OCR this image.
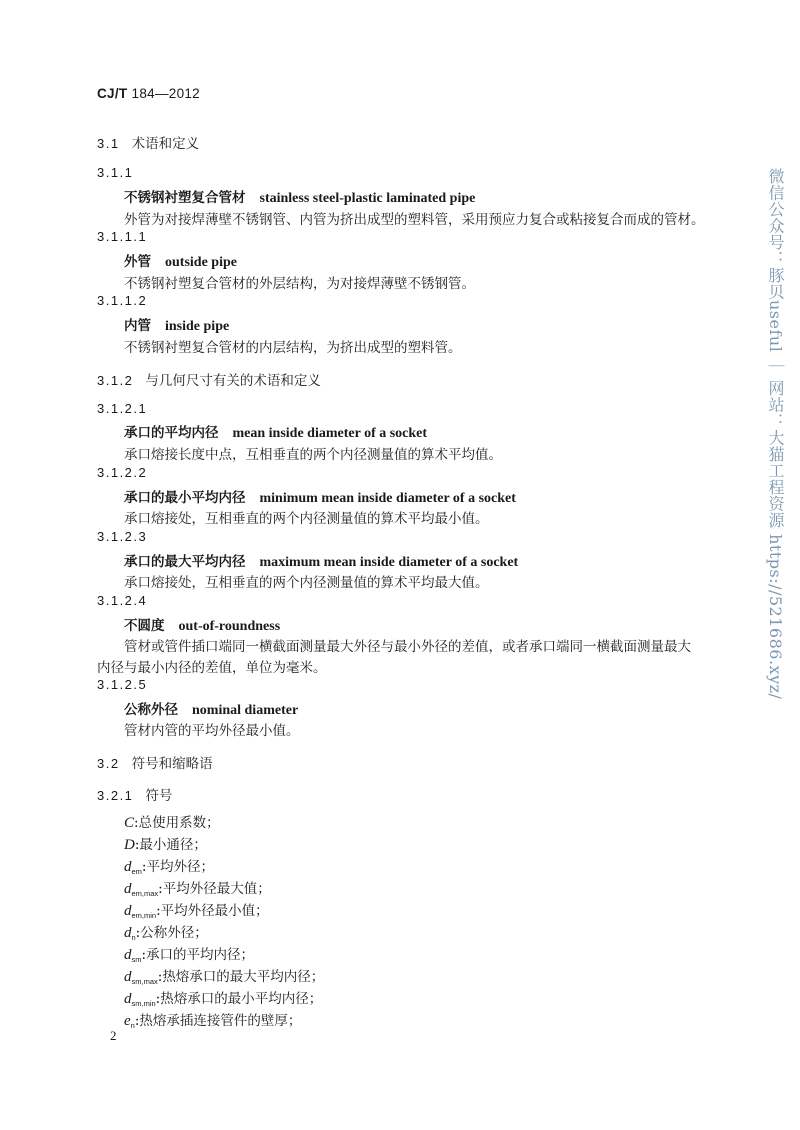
CJ/T 184—2012
3.1 术语和定义
3.1.1
不锈钢衬塑复合管材 stainless steel-plastic laminated pipe
外管为对接焊薄壁不锈钢管、内管为挤出成型的塑料管，采用预应力复合或粘接复合而成的管材。
3.1.1.1
外管 outside pipe
不锈钢衬塑复合管材的外层结构，为对接焊薄壁不锈钢管。
3.1.1.2
内管 inside pipe
不锈钢衬塑复合管材的内层结构，为挤出成型的塑料管。
3.1.2 与几何尺寸有关的术语和定义
3.1.2.1
承口的平均内径 mean inside diameter of a socket
承口熔接长度中点，互相垂直的两个内径测量值的算术平均值。
3.1.2.2
承口的最小平均内径 minimum mean inside diameter of a socket
承口熔接处，互相垂直的两个内径测量值的算术平均最小值。
3.1.2.3
承口的最大平均内径 maximum mean inside diameter of a socket
承口熔接处，互相垂直的两个内径测量值的算术平均最大值。
3.1.2.4
不圆度 out-of-roundness
管材或管件插口端同一横截面测量最大外径与最小外径的差值，或者承口端同一横截面测量最大
内径与最小内径的差值，单位为毫米。
3.1.2.5
公称外径 nominal diameter
管材内管的平均外径最小值。
3.2 符号和缩略语
3.2.1 符号
C:总使用系数；
D:最小通径；
$d_{em}$:平均外径；
$d_{em,max}$:平均外径最大值；
$d_{em,min}$:平均外径最小值；
$d_n$:公称外径；
$d_{sm}$:承口的平均内径；
$d_{sm,max}$:热熔承口的最大平均内径；
$d_{sm,min}$:热熔承口的最小平均内径；
$e_n$:热熔承插连接管件的壁厚；
2
微信公众号：豚贝useful ｜ 网站：大猫工程资源 https://521686.xyz/
